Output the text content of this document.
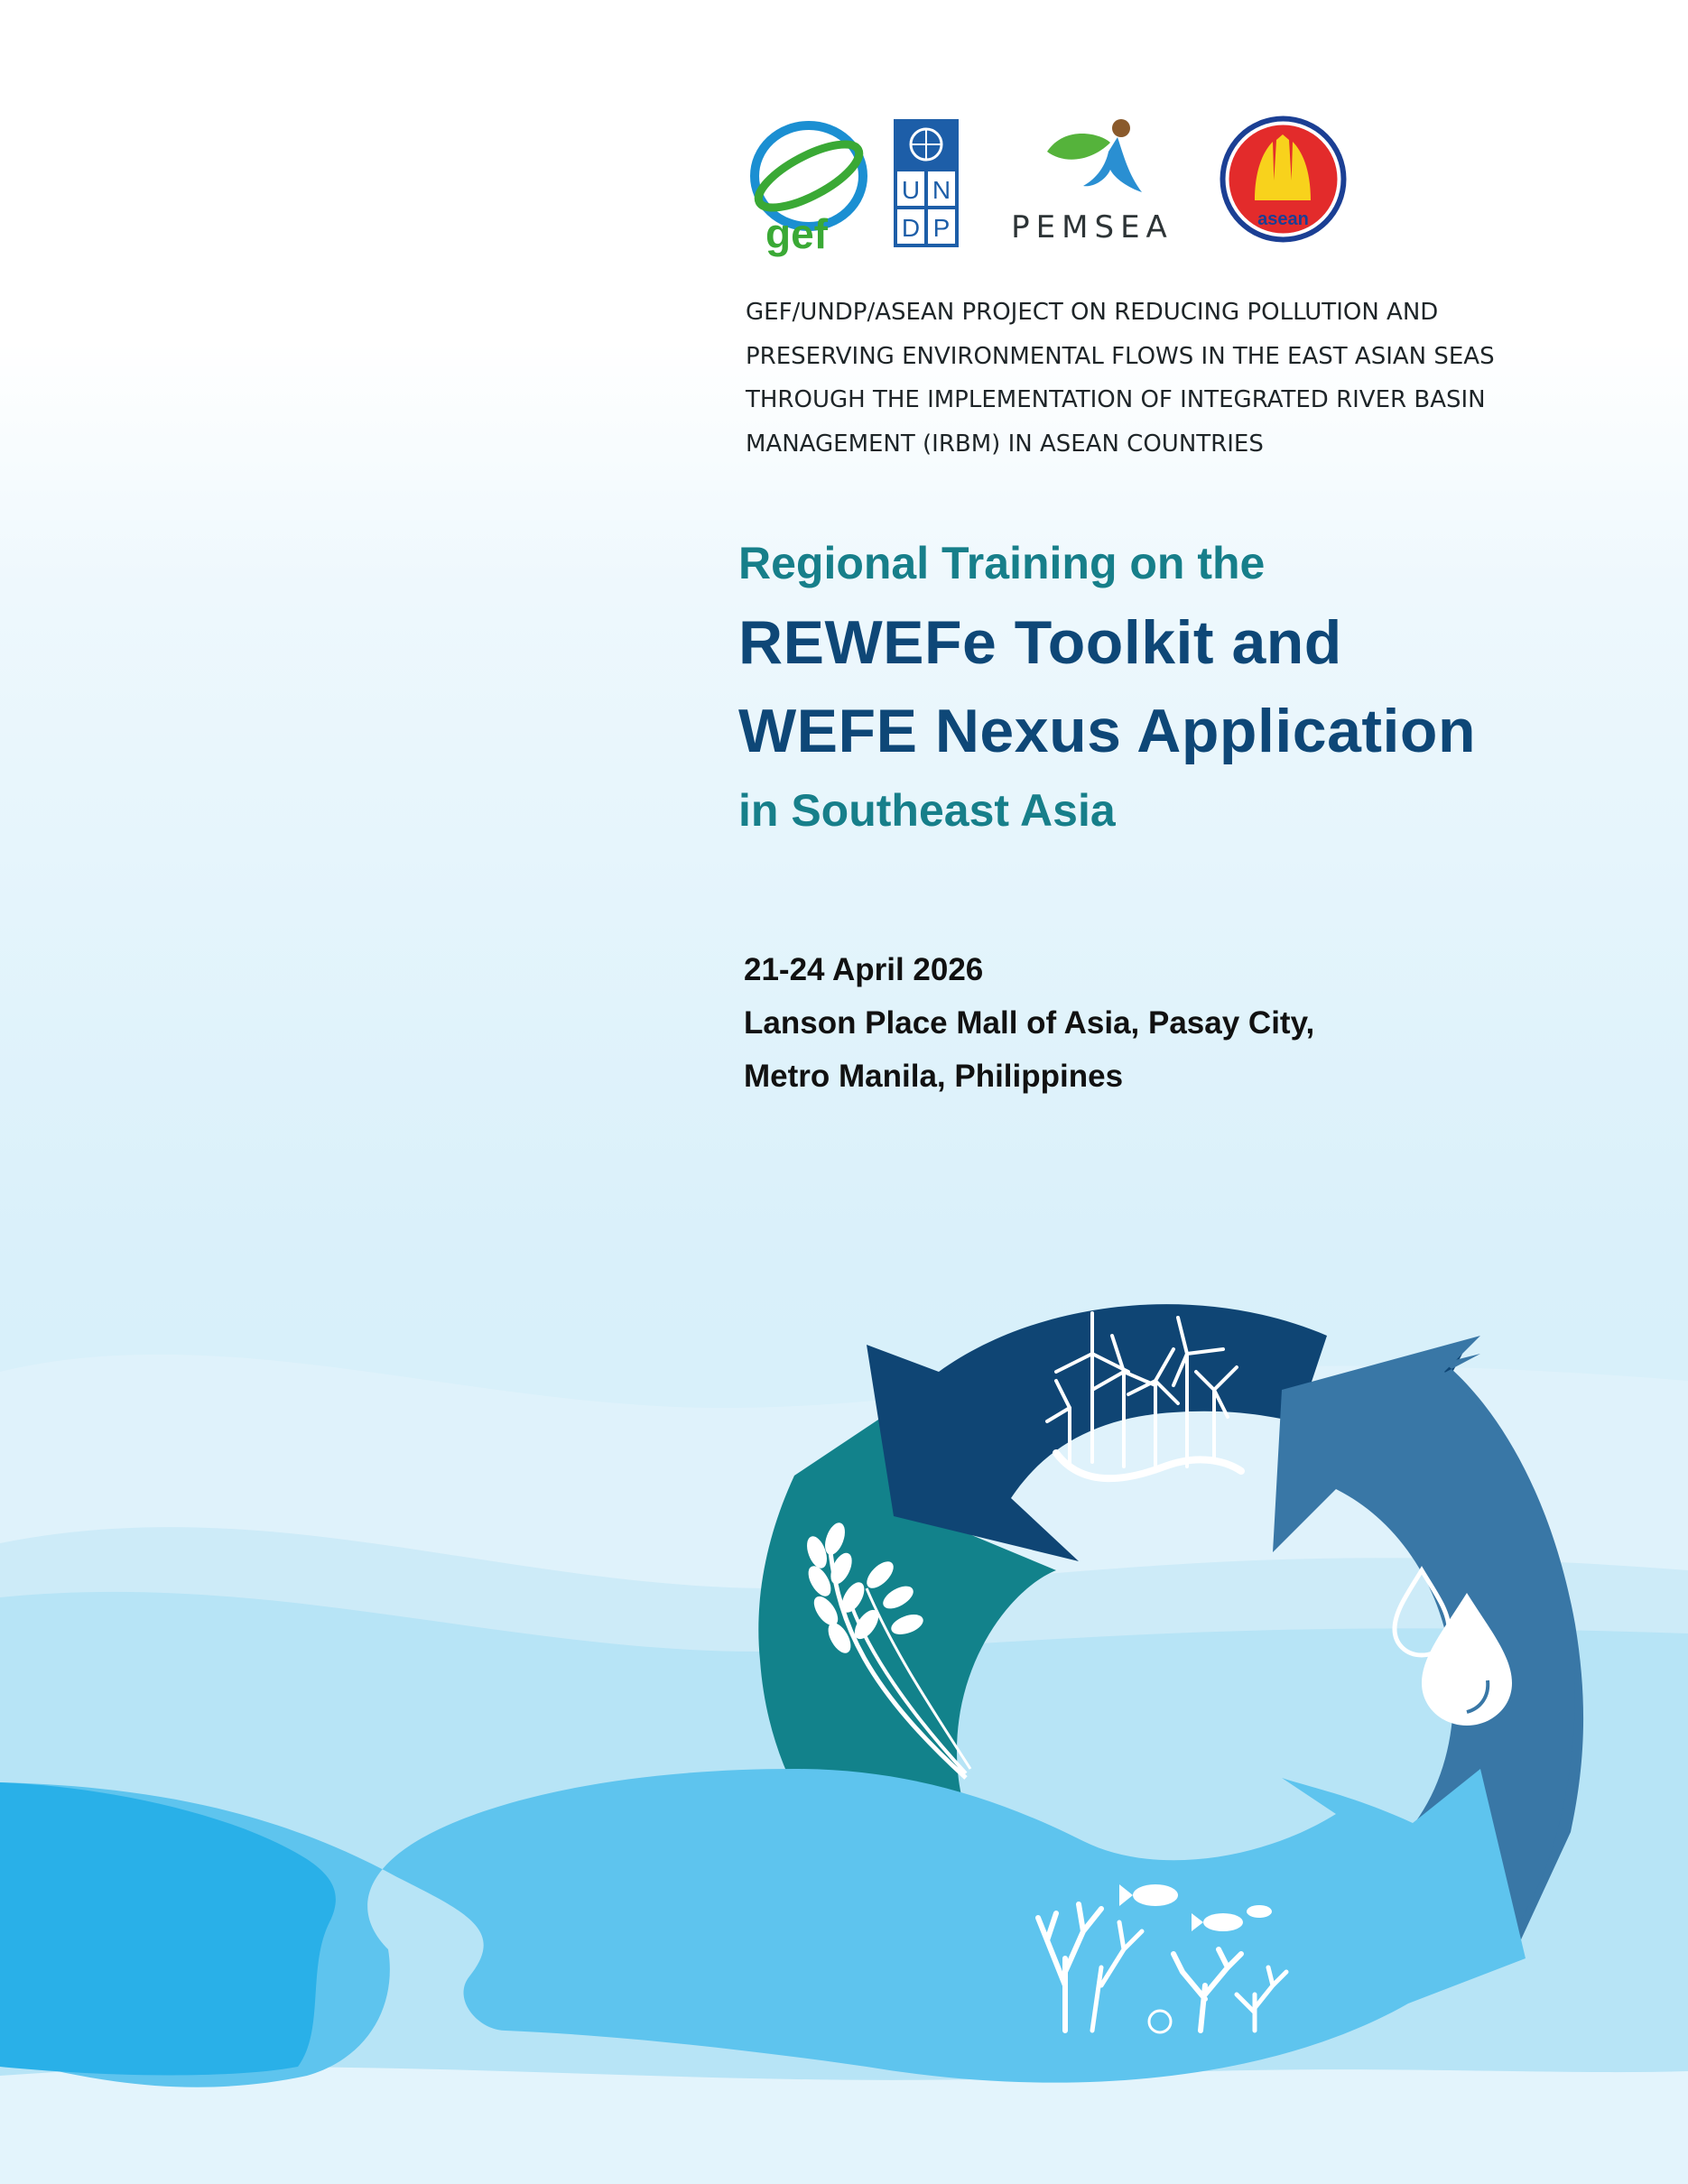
gef
U N
D P	PEMSEA	asean
GEF/UNDP/ASEAN PROJECT ON REDUCING POLLUTION AND
PRESERVING ENVIRONMENTAL FLOWS IN THE EAST ASIAN SEAS
THROUGH THE IMPLEMENTATION OF INTEGRATED RIVER BASIN
MANAGEMENT (IRBM) IN ASEAN COUNTRIES
Regional Training on the
REWEFe Toolkit and
WEFE Nexus Application
in Southeast Asia
21-24 April 2026
Lanson Place Mall of Asia, Pasay City,
Metro Manila, Philippines
